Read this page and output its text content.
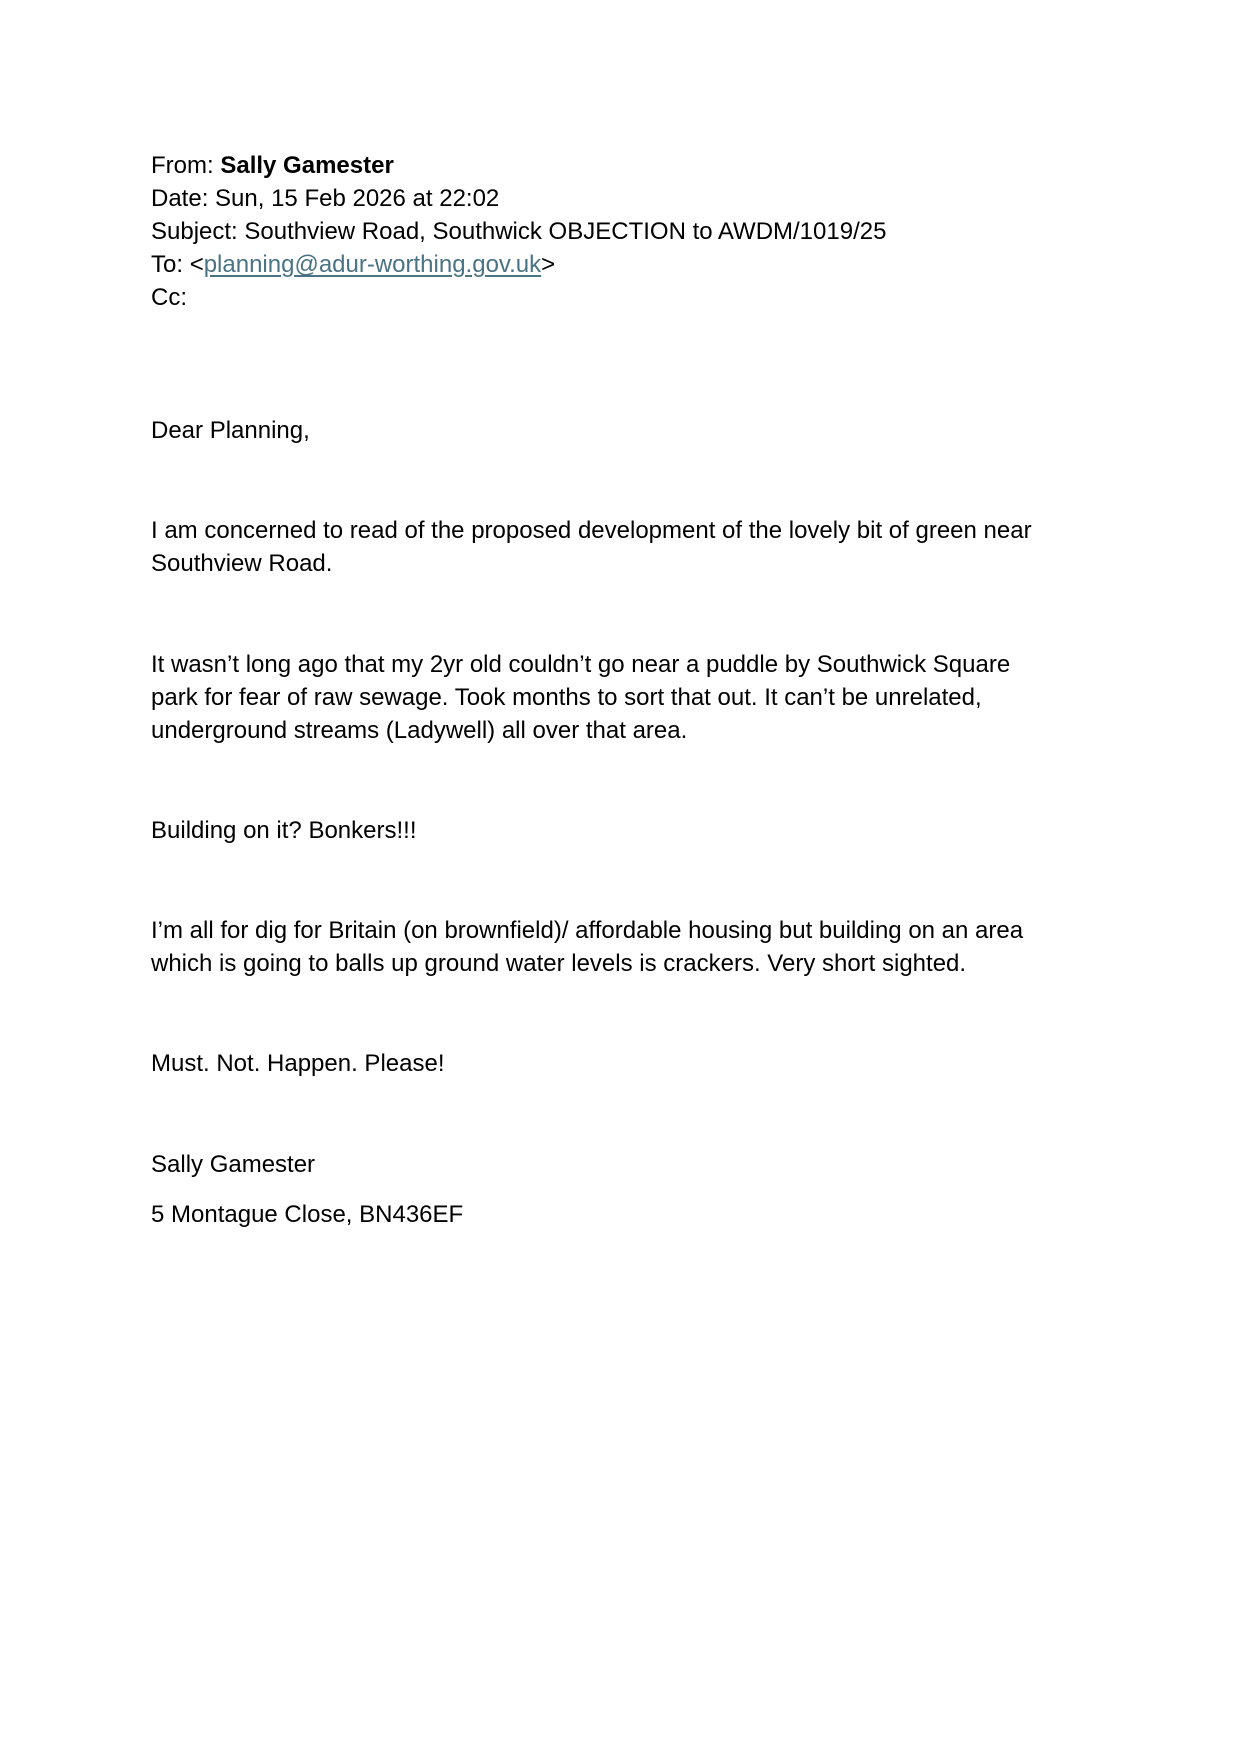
From: Sally Gamester
Date: Sun, 15 Feb 2026 at 22:02
Subject: Southview Road, Southwick OBJECTION to AWDM/1019/25
To: <planning@adur-worthing.gov.uk>
Cc:
Dear Planning,
I am concerned to read of the proposed development of the lovely bit of green near
Southview Road.
It wasn’t long ago that my 2yr old couldn’t go near a puddle by Southwick Square
park for fear of raw sewage. Took months to sort that out. It can’t be unrelated,
underground streams (Ladywell) all over that area.
Building on it? Bonkers!!!
I’m all for dig for Britain (on brownfield)/ affordable housing but building on an area
which is going to balls up ground water levels is crackers. Very short sighted.
Must. Not. Happen. Please!
Sally Gamester
5 Montague Close, BN436EF
